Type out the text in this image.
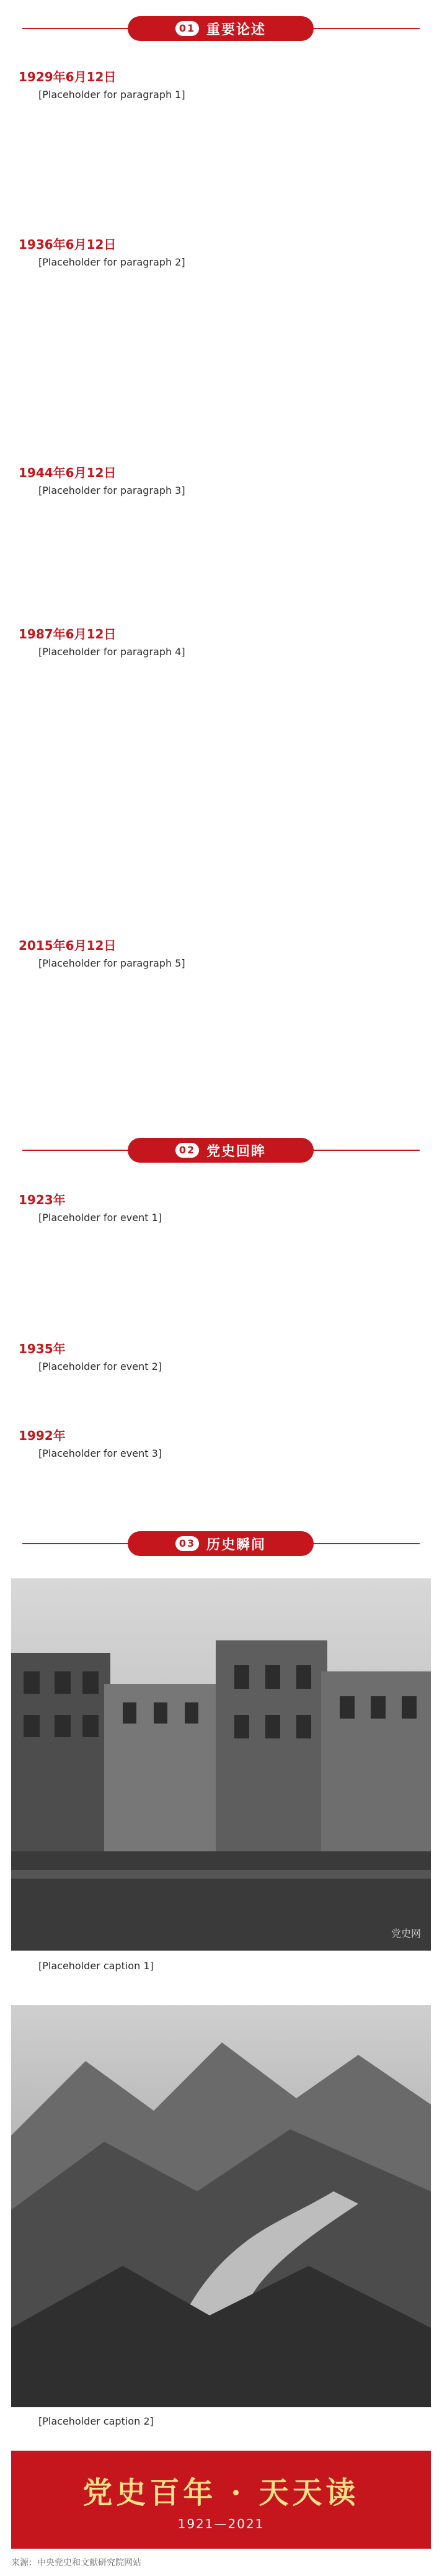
01 重要论述
1929年6月12日
[Placeholder for paragraph 1]
1936年6月12日
[Placeholder for paragraph 2]
1944年6月12日
[Placeholder for paragraph 3]
1987年6月12日
[Placeholder for paragraph 4]
2015年6月12日
[Placeholder for paragraph 5]
02 党史回眸
1923年
[Placeholder for event 1]
1935年
[Placeholder for event 2]
1992年
[Placeholder for event 3]
03 历史瞬间
党史网
[Placeholder caption 1]
[Placeholder caption 2]
党史百年 · 天天读
1921—2021
来源：中央党史和文献研究院网站
